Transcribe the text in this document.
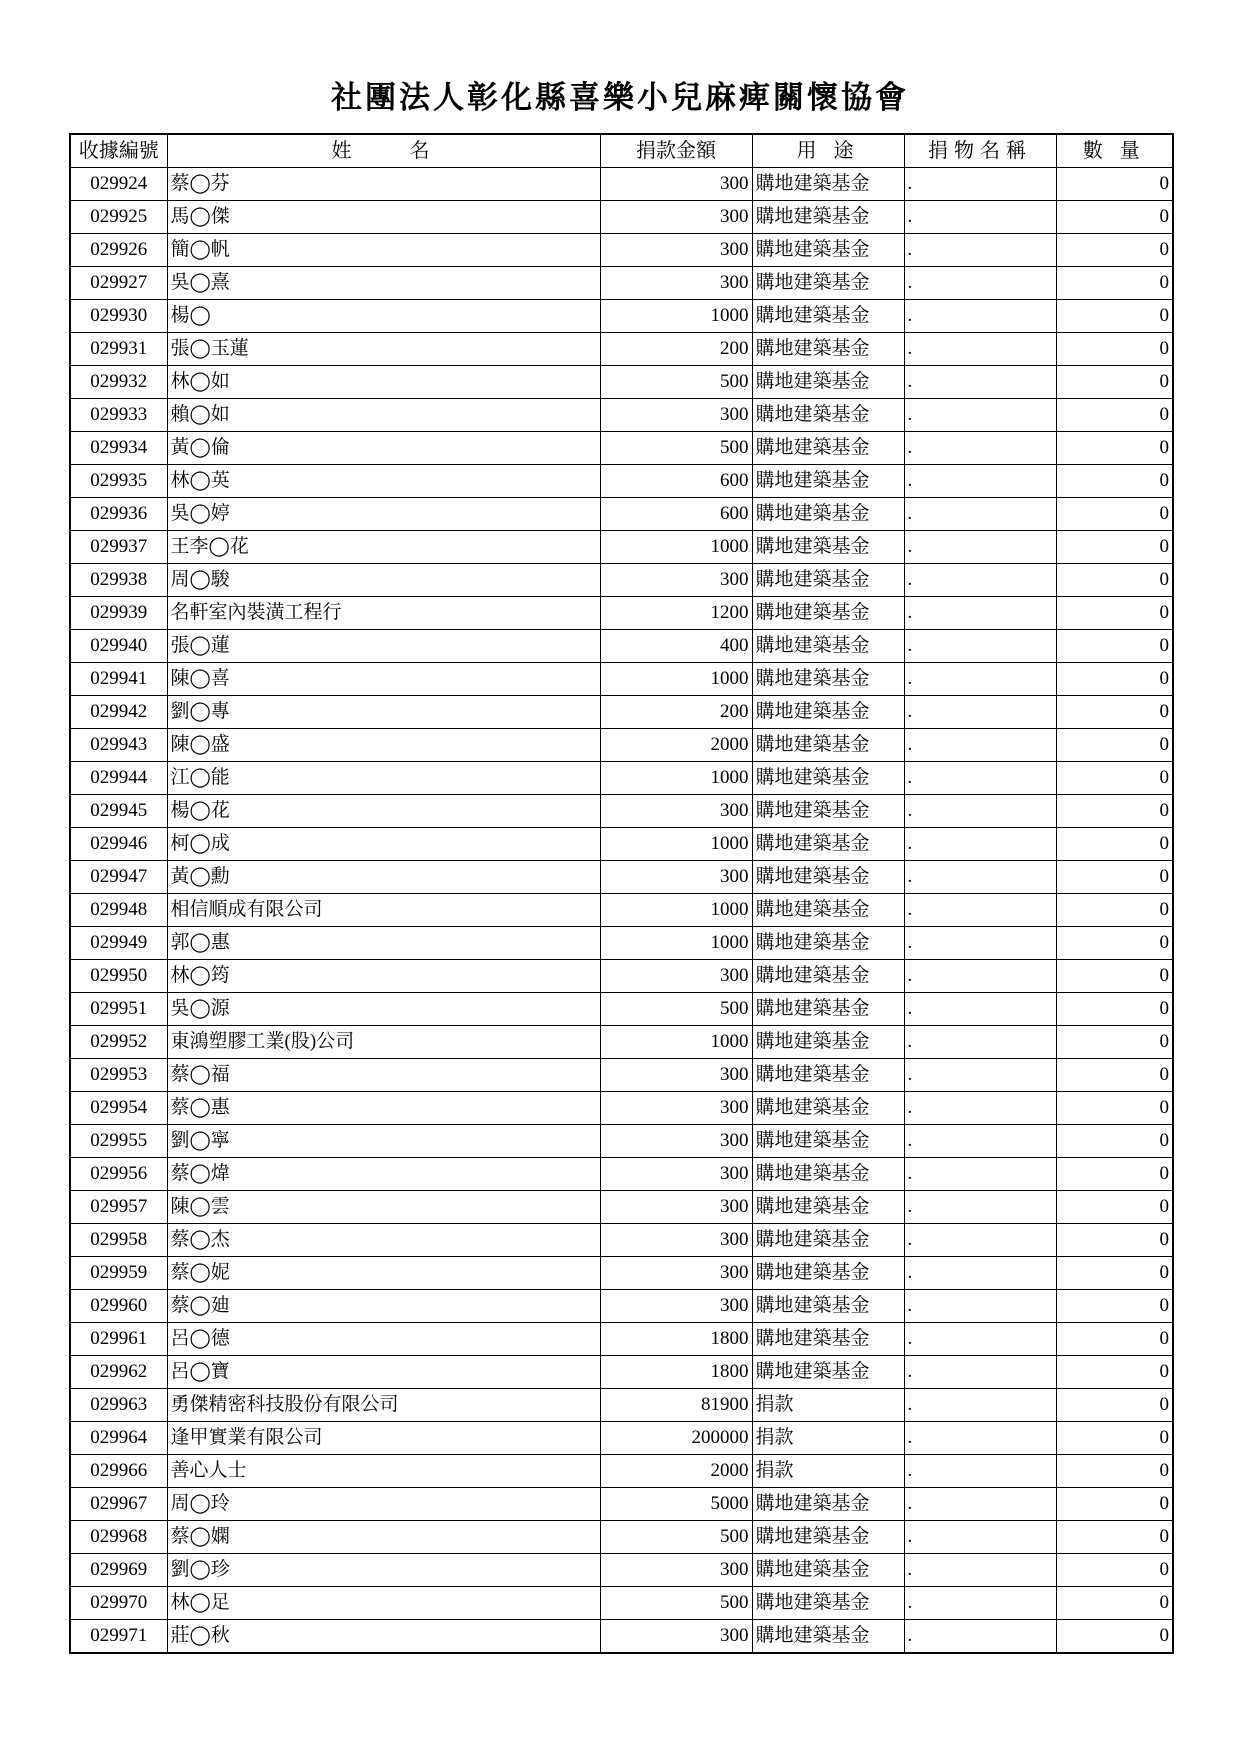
社團法人彰化縣喜樂小兒麻痺關懷協會
收據編號	姓　　名	捐款金額	用 途	捐物名稱	數 量
029924	蔡◯芬	300	購地建築基金	.	0
029925	馬◯傑	300	購地建築基金	.	0
029926	簡◯帆	300	購地建築基金	.	0
029927	吳◯熹	300	購地建築基金	.	0
029930	楊◯	1000	購地建築基金	.	0
029931	張◯玉蓮	200	購地建築基金	.	0
029932	林◯如	500	購地建築基金	.	0
029933	賴◯如	300	購地建築基金	.	0
029934	黃◯倫	500	購地建築基金	.	0
029935	林◯英	600	購地建築基金	.	0
029936	吳◯婷	600	購地建築基金	.	0
029937	王李◯花	1000	購地建築基金	.	0
029938	周◯駿	300	購地建築基金	.	0
029939	名軒室內裝潢工程行	1200	購地建築基金	.	0
029940	張◯蓮	400	購地建築基金	.	0
029941	陳◯喜	1000	購地建築基金	.	0
029942	劉◯專	200	購地建築基金	.	0
029943	陳◯盛	2000	購地建築基金	.	0
029944	江◯能	1000	購地建築基金	.	0
029945	楊◯花	300	購地建築基金	.	0
029946	柯◯成	1000	購地建築基金	.	0
029947	黃◯勳	300	購地建築基金	.	0
029948	相信順成有限公司	1000	購地建築基金	.	0
029949	郭◯惠	1000	購地建築基金	.	0
029950	林◯筠	300	購地建築基金	.	0
029951	吳◯源	500	購地建築基金	.	0
029952	東鴻塑膠工業(股)公司	1000	購地建築基金	.	0
029953	蔡◯福	300	購地建築基金	.	0
029954	蔡◯惠	300	購地建築基金	.	0
029955	劉◯寧	300	購地建築基金	.	0
029956	蔡◯煒	300	購地建築基金	.	0
029957	陳◯雲	300	購地建築基金	.	0
029958	蔡◯杰	300	購地建築基金	.	0
029959	蔡◯妮	300	購地建築基金	.	0
029960	蔡◯廸	300	購地建築基金	.	0
029961	呂◯德	1800	購地建築基金	.	0
029962	呂◯寶	1800	購地建築基金	.	0
029963	勇傑精密科技股份有限公司	81900	捐款	.	0
029964	逢甲實業有限公司	200000	捐款	.	0
029966	善心人士	2000	捐款	.	0
029967	周◯玲	5000	購地建築基金	.	0
029968	蔡◯嫻	500	購地建築基金	.	0
029969	劉◯珍	300	購地建築基金	.	0
029970	林◯足	500	購地建築基金	.	0
029971	莊◯秋	300	購地建築基金	.	0
